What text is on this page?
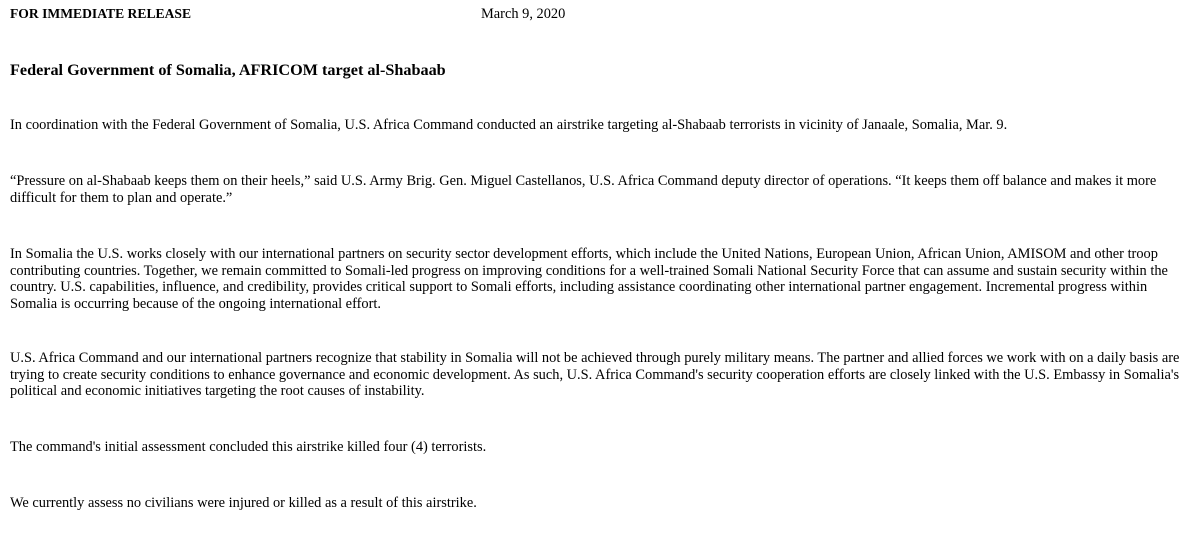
FOR IMMEDIATE RELEASE	March 9, 2020
Federal Government of Somalia, AFRICOM target al-Shabaab

In coordination with the Federal Government of Somalia, U.S. Africa Command conducted an airstrike targeting al-Shabaab terrorists in vicinity of Janaale, Somalia, Mar. 9.

“Pressure on al-Shabaab keeps them on their heels,” said U.S. Army Brig. Gen. Miguel Castellanos, U.S. Africa Command deputy director of operations. “It keeps them off balance and makes it more difficult for them to plan and operate.”

In Somalia the U.S. works closely with our international partners on security sector development efforts, which include the United Nations, European Union, African Union, AMISOM and other troop contributing countries. Together, we remain committed to Somali-led progress on improving conditions for a well-trained Somali National Security Force that can assume and sustain security within the country. U.S. capabilities, influence, and credibility, provides critical support to Somali efforts, including assistance coordinating other international partner engagement. Incremental progress within Somalia is occurring because of the ongoing international effort.

U.S. Africa Command and our international partners recognize that stability in Somalia will not be achieved through purely military means. The partner and allied forces we work with on a daily basis are trying to create security conditions to enhance governance and economic development. As such, U.S. Africa Command's security cooperation efforts are closely linked with the U.S. Embassy in Somalia's political and economic initiatives targeting the root causes of instability.

The command's initial assessment concluded this airstrike killed four (4) terrorists.

We currently assess no civilians were injured or killed as a result of this airstrike.
